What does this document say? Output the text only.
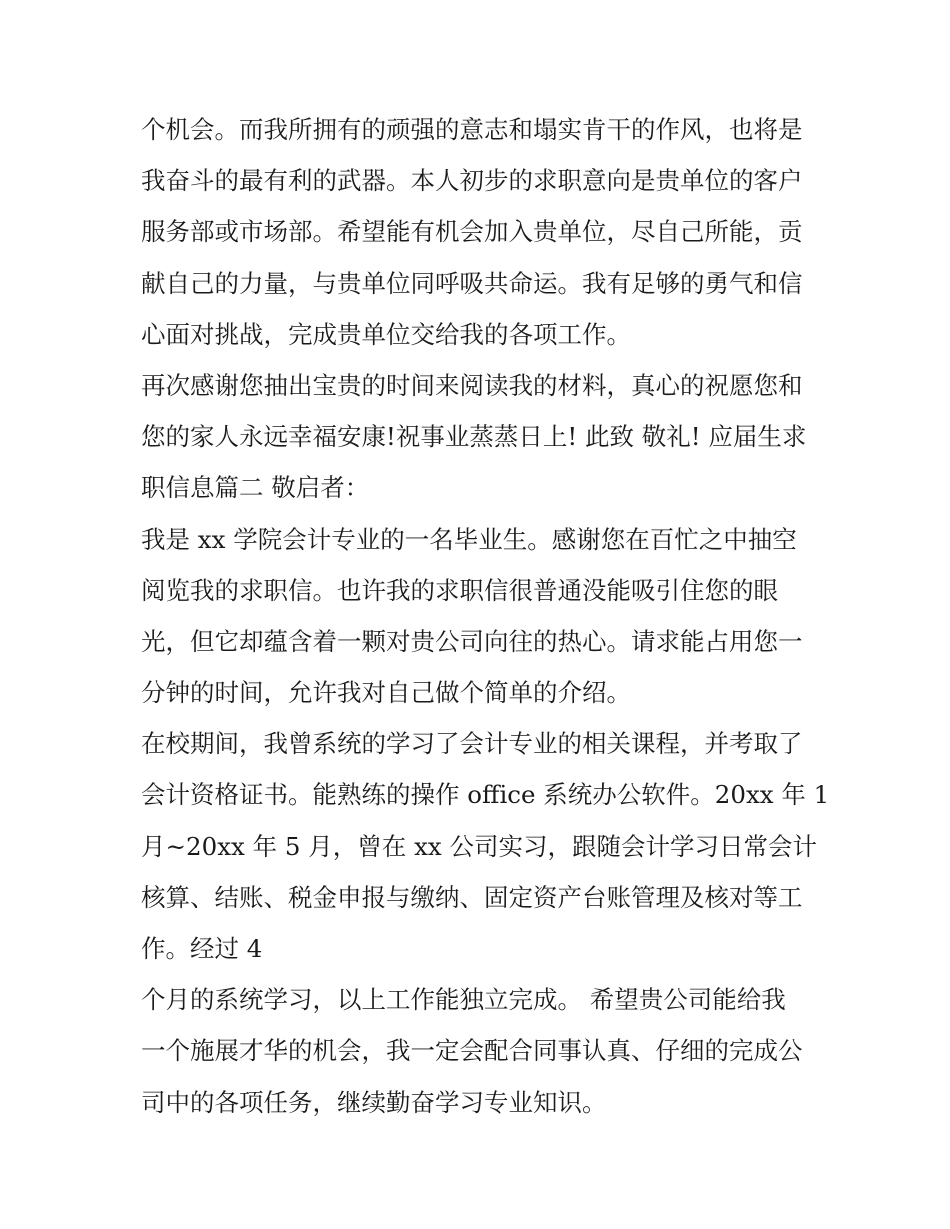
个机会。而我所拥有的顽强的意志和塌实肯干的作风，也将是
我奋斗的最有利的武器。本人初步的求职意向是贵单位的客户
服务部或市场部。希望能有机会加入贵单位，尽自己所能，贡
献自己的力量，与贵单位同呼吸共命运。我有足够的勇气和信
心面对挑战，完成贵单位交给我的各项工作。
再次感谢您抽出宝贵的时间来阅读我的材料，真心的祝愿您和
您的家人永远幸福安康!祝事业蒸蒸日上! 此致 敬礼! 应届生求
职信息篇二 敬启者：
我是 xx 学院会计专业的一名毕业生。感谢您在百忙之中抽空
阅览我的求职信。也许我的求职信很普通没能吸引住您的眼
光，但它却蕴含着一颗对贵公司向往的热心。请求能占用您一
分钟的时间，允许我对自己做个简单的介绍。
在校期间，我曾系统的学习了会计专业的相关课程，并考取了
会计资格证书。能熟练的操作 office 系统办公软件。20xx 年 1
月~20xx 年 5 月，曾在 xx 公司实习，跟随会计学习日常会计
核算、结账、税金申报与缴纳、固定资产台账管理及核对等工
作。经过 4
个月的系统学习，以上工作能独立完成。 希望贵公司能给我
一个施展才华的机会，我一定会配合同事认真、仔细的完成公
司中的各项任务，继续勤奋学习专业知识。
